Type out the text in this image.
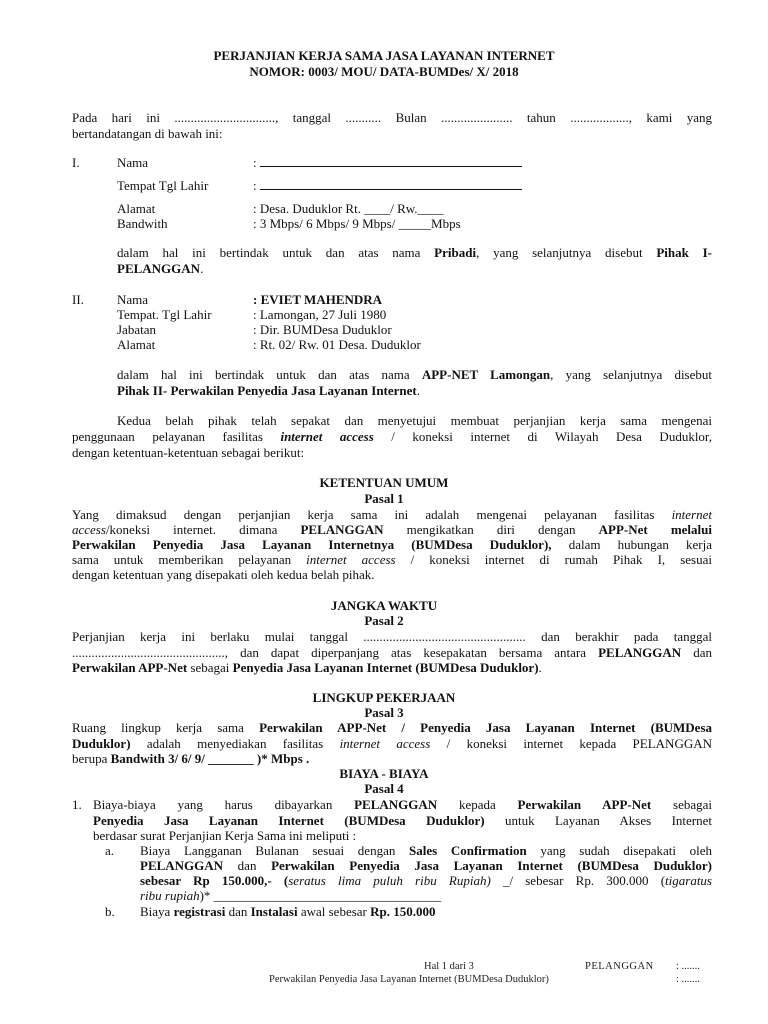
PERJANJIAN KERJA SAMA JASA LAYANAN INTERNET
NOMOR: 0003/ MOU/ DATA-BUMDes/ X/ 2018
Pada hari ini ..............................., tanggal ........... Bulan ...................... tahun .................., kami yang
bertandatangan di bawah ini:
I.	Nama	:
Tempat Tgl Lahir	:
Alamat	: Desa. Duduklor Rt. ____/ Rw.____
Bandwith	: 3 Mbps/ 6 Mbps/ 9 Mbps/ _____Mbps
dalam hal ini bertindak untuk dan atas nama Pribadi, yang selanjutnya disebut Pihak I-
PELANGGAN.
II.	Nama	: EVIET MAHENDRA
Tempat. Tgl Lahir	: Lamongan, 27 Juli 1980
Jabatan	: Dir. BUMDesa Duduklor
Alamat	: Rt. 02/ Rw. 01 Desa. Duduklor
dalam hal ini bertindak untuk dan atas nama APP-NET Lamongan, yang selanjutnya disebut
Pihak II- Perwakilan Penyedia Jasa Layanan Internet.
Kedua belah pihak telah sepakat dan menyetujui membuat perjanjian kerja sama mengenai
penggunaan pelayanan fasilitas internet access / koneksi internet di Wilayah Desa Duduklor,
dengan ketentuan-ketentuan sebagai berikut:
KETENTUAN UMUM
Pasal 1
Yang dimaksud dengan perjanjian kerja sama ini adalah mengenai pelayanan fasilitas internet
access/koneksi internet. dimana PELANGGAN mengikatkan diri dengan APP-Net melalui
Perwakilan Penyedia Jasa Layanan Internetnya (BUMDesa Duduklor), dalam hubungan kerja
sama untuk memberikan pelayanan internet access / koneksi internet di rumah Pihak I, sesuai
dengan ketentuan yang disepakati oleh kedua belah pihak.
JANGKA WAKTU
Pasal 2
Perjanjian kerja ini berlaku mulai tanggal .................................................. dan berakhir pada tanggal
..............................................., dan dapat diperpanjang atas kesepakatan bersama antara PELANGGAN dan
Perwakilan APP-Net sebagai Penyedia Jasa Layanan Internet (BUMDesa Duduklor).
LINGKUP PEKERJAAN
Pasal 3
Ruang lingkup kerja sama Perwakilan APP-Net / Penyedia Jasa Layanan Internet (BUMDesa
Duduklor) adalah menyediakan fasilitas internet access / koneksi internet kepada PELANGGAN
berupa Bandwith 3/ 6/ 9/ _______ )* Mbps .
BIAYA - BIAYA
Pasal 4
1. Biaya-biaya yang harus dibayarkan PELANGGAN kepada Perwakilan APP-Net sebagai
Penyedia Jasa Layanan Internet (BUMDesa Duduklor) untuk Layanan Akses Internet
berdasar surat Perjanjian Kerja Sama ini meliputi :
a. Biaya Langganan Bulanan sesuai dengan Sales Confirmation yang sudah disepakati oleh
PELANGGAN dan Perwakilan Penyedia Jasa Layanan Internet (BUMDesa Duduklor)
sebesar Rp 150.000,- (seratus lima puluh ribu Rupiah) _/ sebesar Rp. 300.000 (tigaratus
ribu rupiah)* ___________________________________
b. Biaya registrasi dan Instalasi awal sebesar Rp. 150.000
Hal 1 dari 3	PELANGGAN : .......
Perwakilan Penyedia Jasa Layanan Internet (BUMDesa Duduklor)	: .......
